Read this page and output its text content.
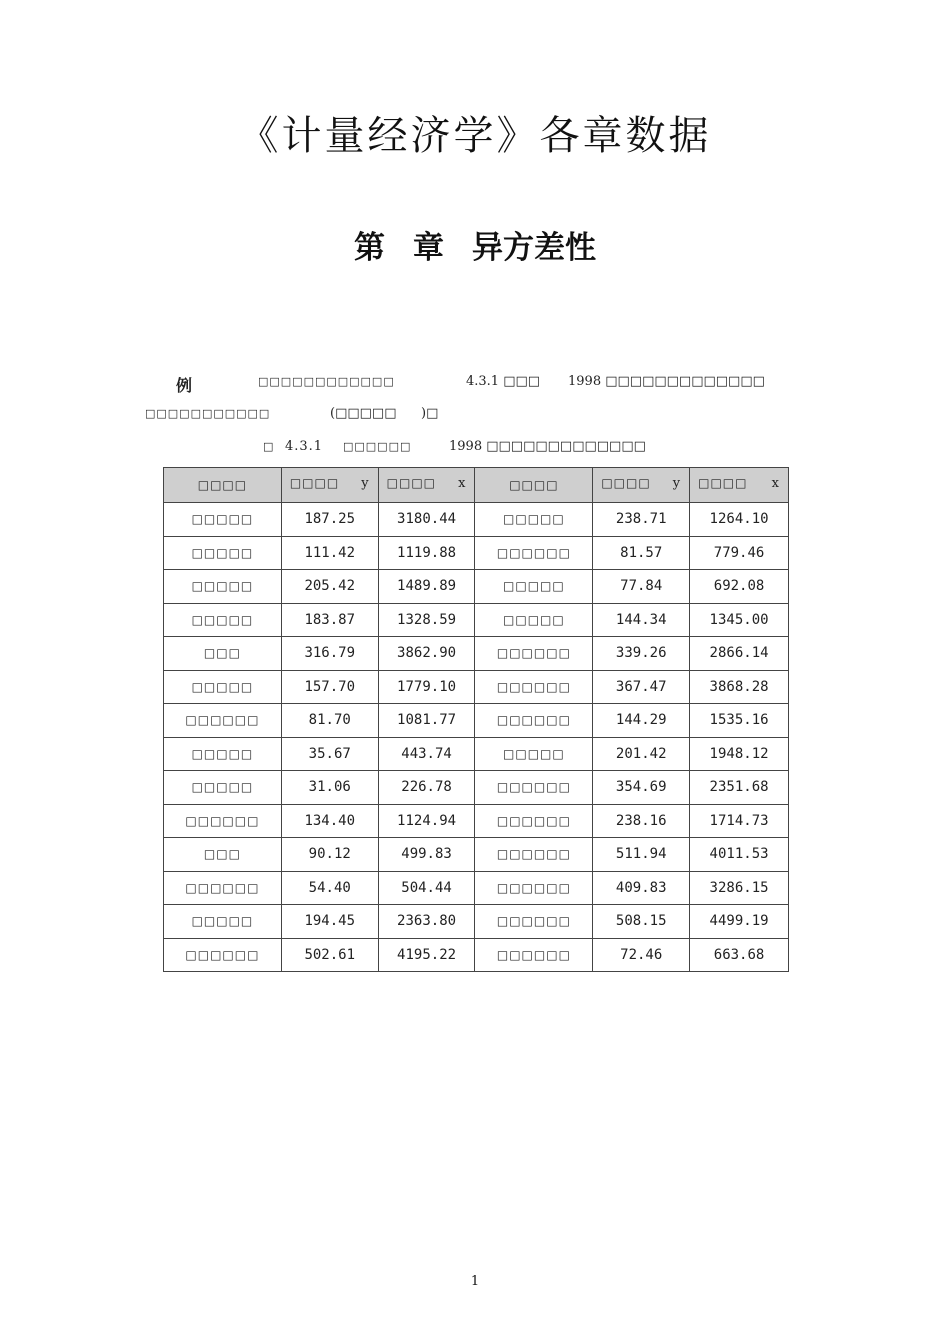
《计量经济学》各章数据
第 章 异方差性
例	□□□□□□□□□□□□	4.3.1 □□□ 1998 □□□□□□□□□□□□□
□□□□□□□□□□□	(□□□□□ )□
□ 4.3.1 □□□□□□	1998 □□□□□□□□□□□□□
□□□□	□□□□ y	□□□□ x	□□□□	□□□□ y	□□□□ x

□□□□□	187.25	3180.44	□□□□□	238.71	1264.10
□□□□□	111.42	1119.88	□□□□□□	81.57	779.46
□□□□□	205.42	1489.89	□□□□□	77.84	692.08
□□□□□	183.87	1328.59	□□□□□	144.34	1345.00
□□□	316.79	3862.90	□□□□□□	339.26	2866.14
□□□□□	157.70	1779.10	□□□□□□	367.47	3868.28
□□□□□□	81.70	1081.77	□□□□□□	144.29	1535.16
□□□□□	35.67	443.74	□□□□□	201.42	1948.12
□□□□□	31.06	226.78	□□□□□□	354.69	2351.68
□□□□□□	134.40	1124.94	□□□□□□	238.16	1714.73
□□□	90.12	499.83	□□□□□□	511.94	4011.53
□□□□□□	54.40	504.44	□□□□□□	409.83	3286.15
□□□□□	194.45	2363.80	□□□□□□	508.15	4499.19
□□□□□□	502.61	4195.22	□□□□□□	72.46	663.68
1
